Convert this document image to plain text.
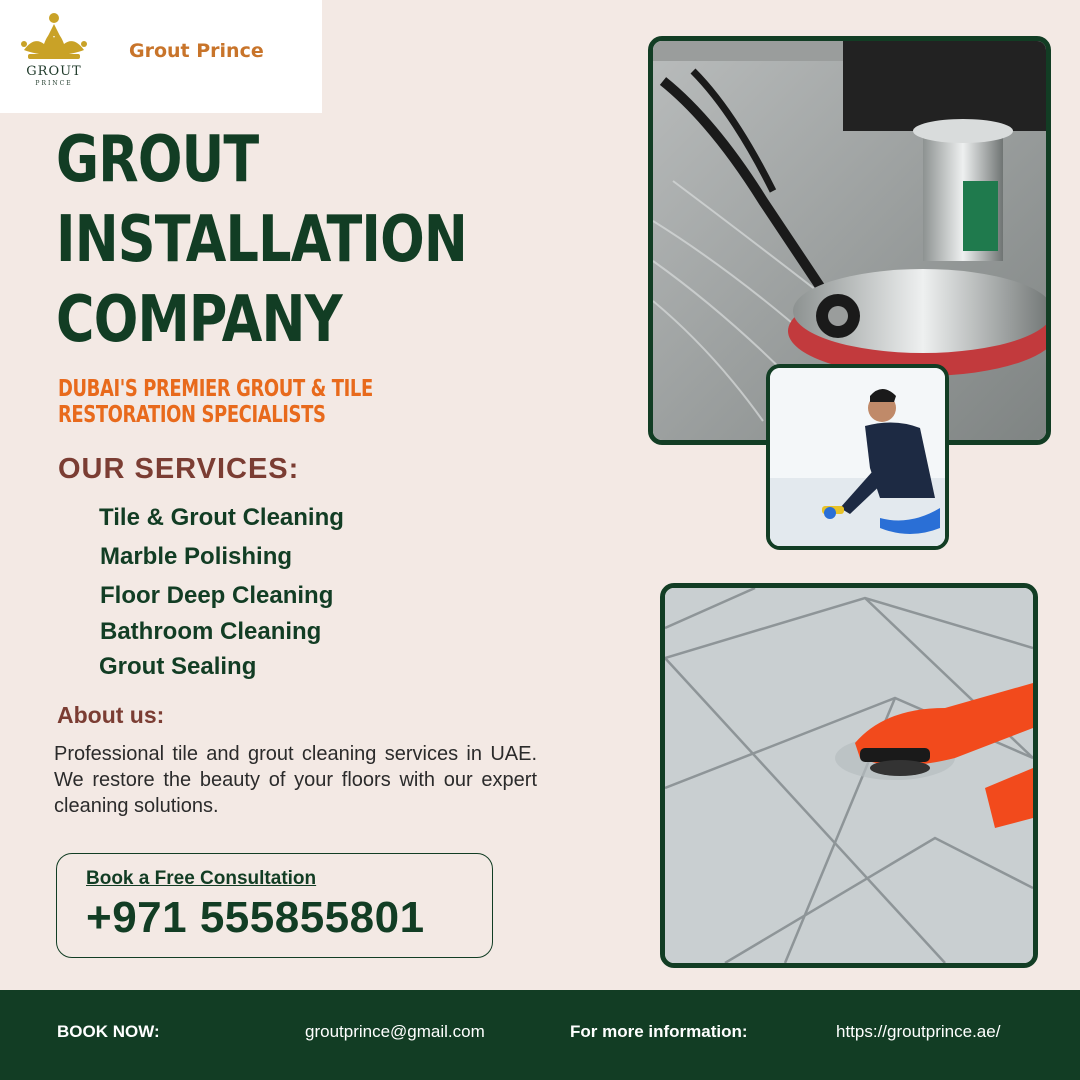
GROUT
PRINCE
Grout Prince
GROUT
INSTALLATION
COMPANY
DUBAI'S PREMIER GROUT & TILE RESTORATION SPECIALISTS
OUR SERVICES:
Tile & Grout Cleaning
Marble Polishing
Floor Deep Cleaning
Bathroom Cleaning
Grout Sealing
About us:
Professional tile and grout cleaning services in UAE. We restore the beauty of your floors with our expert cleaning solutions.
Book a Free Consultation
+971 555855801
BOOK NOW:	groutprince@gmail.com	For more information:	https://groutprince.ae/
